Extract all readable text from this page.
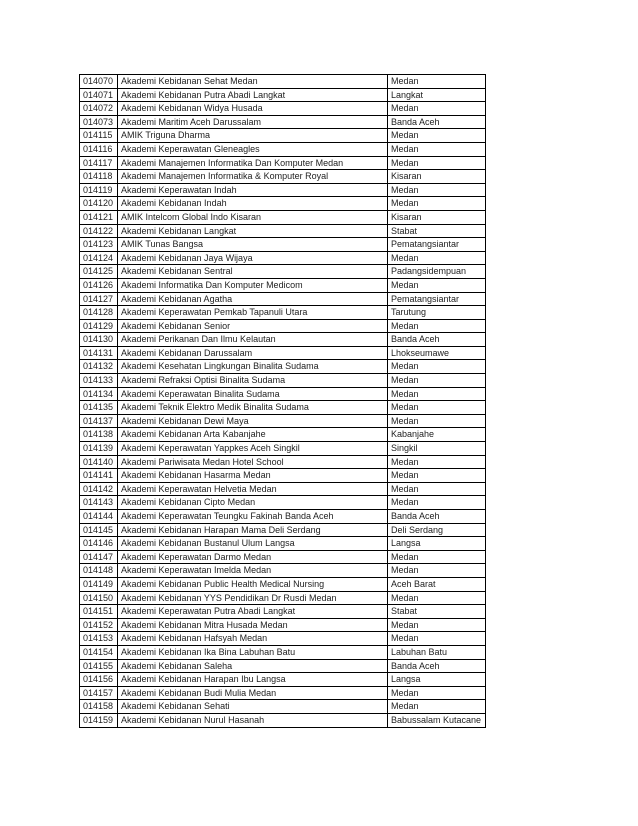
014070	Akademi Kebidanan Sehat Medan	Medan
014071	Akademi Kebidanan Putra Abadi Langkat	Langkat
014072	Akademi Kebidanan Widya Husada	Medan
014073	Akademi Maritim Aceh Darussalam	Banda Aceh
014115	AMIK Triguna Dharma	Medan
014116	Akademi Keperawatan Gleneagles	Medan
014117	Akademi Manajemen Informatika Dan Komputer Medan	Medan
014118	Akademi Manajemen Informatika & Komputer Royal	Kisaran
014119	Akademi Keperawatan Indah	Medan
014120	Akademi Kebidanan Indah	Medan
014121	AMIK Intelcom Global Indo Kisaran	Kisaran
014122	Akademi Kebidanan Langkat	Stabat
014123	AMIK Tunas Bangsa	Pematangsiantar
014124	Akademi Kebidanan Jaya Wijaya	Medan
014125	Akademi Kebidanan Sentral	Padangsidempuan
014126	Akademi Informatika Dan Komputer Medicom	Medan
014127	Akademi Kebidanan Agatha	Pematangsiantar
014128	Akademi Keperawatan Pemkab Tapanuli Utara	Tarutung
014129	Akademi Kebidanan Senior	Medan
014130	Akademi Perikanan Dan Ilmu Kelautan	Banda Aceh
014131	Akademi Kebidanan Darussalam	Lhokseumawe
014132	Akademi Kesehatan Lingkungan Binalita Sudama	Medan
014133	Akademi Refraksi Optisi Binalita Sudama	Medan
014134	Akademi Keperawatan Binalita Sudama	Medan
014135	Akademi Teknik Elektro Medik Binalita Sudama	Medan
014137	Akademi Kebidanan Dewi Maya	Medan
014138	Akademi Kebidanan Arta Kabanjahe	Kabanjahe
014139	Akademi Keperawatan Yappkes Aceh Singkil	Singkil
014140	Akademi Pariwisata Medan Hotel School	Medan
014141	Akademi Kebidanan Hasarma Medan	Medan
014142	Akademi Keperawatan Helvetia Medan	Medan
014143	Akademi Kebidanan Cipto Medan	Medan
014144	Akademi Keperawatan Teungku Fakinah Banda Aceh	Banda Aceh
014145	Akademi Kebidanan Harapan Mama Deli Serdang	Deli Serdang
014146	Akademi Kebidanan Bustanul Ulum Langsa	Langsa
014147	Akademi Keperawatan Darmo Medan	Medan
014148	Akademi Keperawatan Imelda Medan	Medan
014149	Akademi Kebidanan Public Health Medical Nursing	Aceh Barat
014150	Akademi Kebidanan YYS Pendidikan Dr Rusdi Medan	Medan
014151	Akademi Keperawatan Putra Abadi Langkat	Stabat
014152	Akademi Kebidanan Mitra Husada Medan	Medan
014153	Akademi Kebidanan Hafsyah Medan	Medan
014154	Akademi Kebidanan Ika Bina Labuhan Batu	Labuhan Batu
014155	Akademi Kebidanan Saleha	Banda Aceh
014156	Akademi Kebidanan Harapan Ibu Langsa	Langsa
014157	Akademi Kebidanan Budi Mulia Medan	Medan
014158	Akademi Kebidanan Sehati	Medan
014159	Akademi Kebidanan Nurul Hasanah	Babussalam Kutacane
